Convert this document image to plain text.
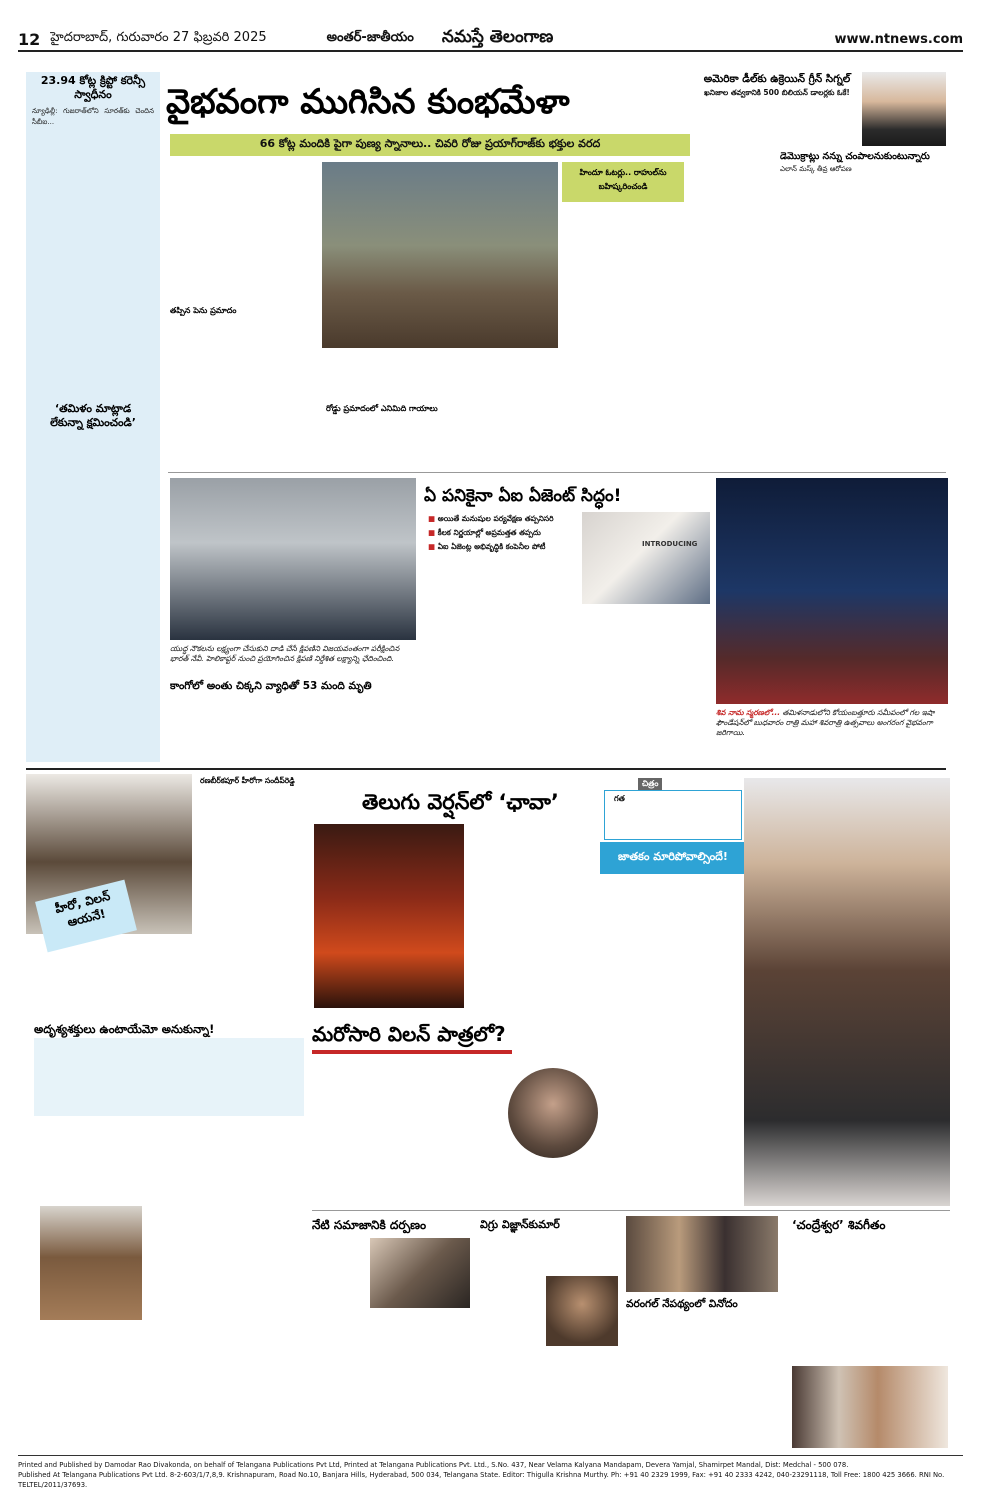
12 హైదరాబాద్, గురువారం 27 ఫిబ్రవరి 2025	అంతర్-జాతీయం నమస్తే తెలంగాణ	www.ntnews.com
23.94 కోట్ల క్రిప్టో కరెన్సీ స్వాధీనం
న్యూఢిల్లీ: గుజరాత్‌లోని సూరత్‌కు చెందిన సీబీఐ...
‘తమిళం మాట్లాడ లేకున్నా క్షమించండి’
వైభవంగా ముగిసిన కుంభమేళా
66 కోట్ల మందికి పైగా పుణ్య స్నానాలు.. చివరి రోజు ప్రయాగ్‌రాజ్‌కు భక్తుల వరద
హిందూ ఓటర్లు.. రాహుల్‌ను బహిష్కరించండి
తప్పిన పెను ప్రమాదం
రోడ్డు ప్రమాదంలో ఎనిమిది గాయాలు
అమెరికా డీల్‌కు ఉక్రెయిన్ గ్రీన్ సిగ్నల్
ఖనిజాల తవ్వకానికి 500 బిలియన్ డాలర్లకు ఓకే!
డెమొక్రాట్లు నన్ను చంపాలనుకుంటున్నారు
ఎలాన్ మస్క్ తీవ్ర ఆరోపణ
యుద్ధ నౌకలను లక్ష్యంగా చేసుకుని దాడి చేసే క్షిపణిని విజయవంతంగా పరీక్షించిన భారత్ నేవీ. హెలికాప్టర్ నుంచి ప్రయోగించిన క్షిపణి నిర్దేశిత లక్ష్యాన్ని ఛేదించింది.
కాంగోలో అంతు చిక్కని వ్యాధితో 53 మంది మృతి
ఏ పనికైనా ఏఐ ఏజెంట్ సిద్ధం!
■ అయితే మనుషుల పర్యవేక్షణ తప్పనిసరి
■ కీలక నిర్ణయాల్లో అప్రమత్తత తప్పదు
■ ఏఐ ఏజెంట్ల అభివృద్ధికి కంపెనీల పోటీ	INTRODUCING
శివ నామ స్మరణలో... తమిళనాడులోని కోయంబత్తూరు సమీపంలో గల ఇషా ఫౌండేషన్‌లో బుధవారం రాత్రి మహా శివరాత్రి ఉత్సవాలు అంగరంగ వైభవంగా జరిగాయి.
హీరో, విలన్ ఆయనే!
రణబీర్‌కపూర్ హీరోగా సందీప్‌రెడ్డి
తెలుగు వెర్షన్‌లో ‘ఛావా’
చిత్రం
గత
జాతకం మారిపోవాల్సిందే!
అదృశ్యశక్తులు ఉంటాయేమో అనుకున్నా!	మరోసారి విలన్ పాత్రలో?
నేటి సమాజానికి దర్పణం	విగ్రు విజ్ఞాన్‌కుమార్
వరంగల్ నేపథ్యంలో వినోదం
‘చంద్రేశ్వర’ శివగీతం
Printed and Published by Damodar Rao Divakonda, on behalf of Telangana Publications Pvt Ltd, Printed at Telangana Publications Pvt. Ltd., S.No. 437, Near Velama Kalyana Mandapam, Devera Yamjal, Shamirpet Mandal, Dist: Medchal - 500 078.
Published At Telangana Publications Pvt Ltd. 8-2-603/1/7,8,9. Krishnapuram, Road No.10, Banjara Hills, Hyderabad, 500 034, Telangana State. Editor: Thigulla Krishna Murthy. Ph: +91 40 2329 1999, Fax: +91 40 2333 4242, 040-23291118, Toll Free: 1800 425 3666. RNI No. TELTEL/2011/37693.
